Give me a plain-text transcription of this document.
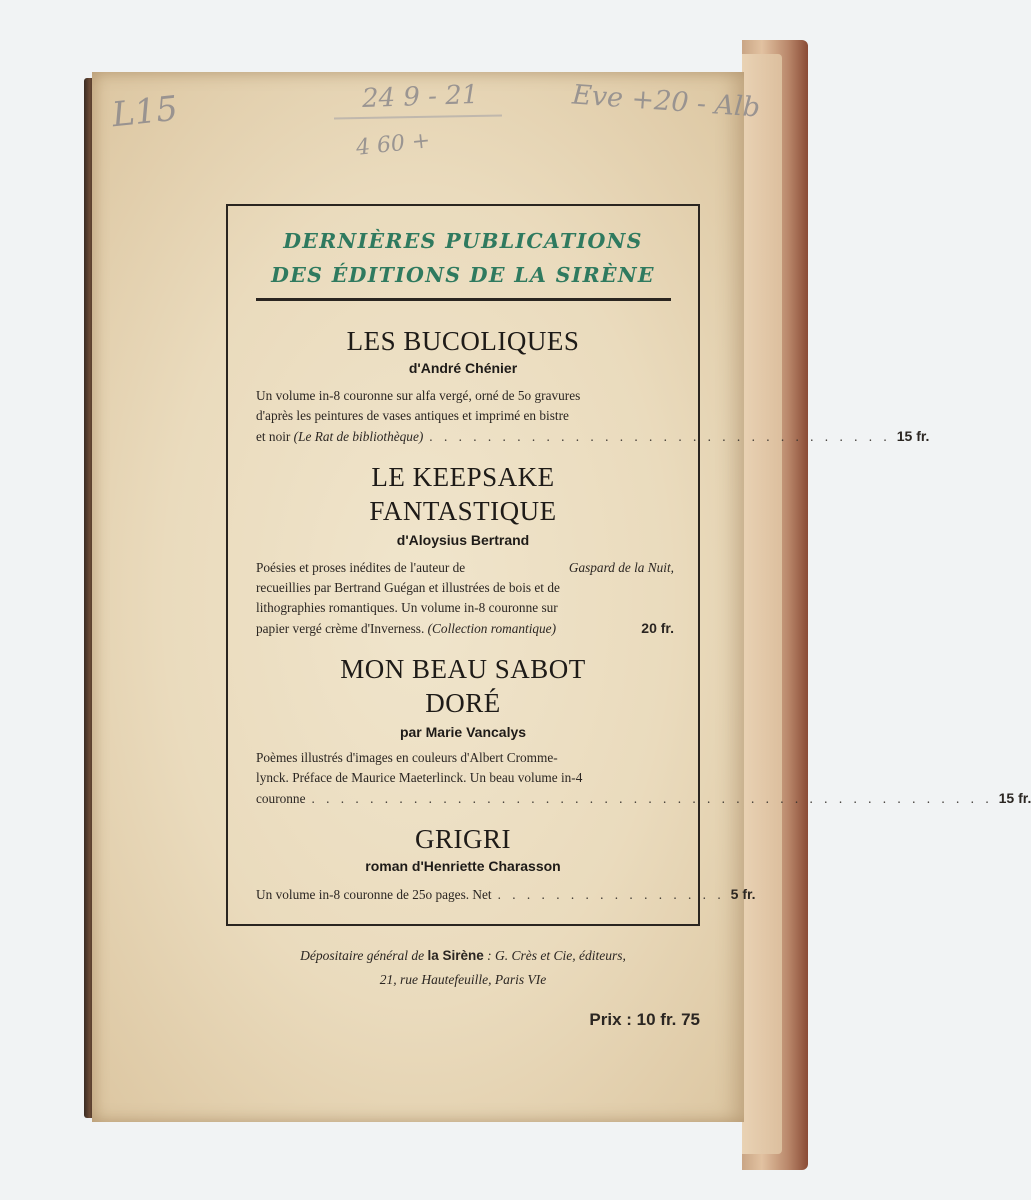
L15	24 9 - 21
4 60 +
Eve +20 - Alb
DERNIÈRES PUBLICATIONS
DES ÉDITIONS DE LA SIRÈNE
LES BUCOLIQUES
d'André Chénier
Un volume in-8 couronne sur alfa vergé, orné de 5o gravures
d'après les peintures de vases antiques et imprimé en bistre
et noir (Le Rat de bibliothèque) . . . . . . . . . . . . . . . . . . . . . . . . . . . . . . . . 15 fr.
LE KEEPSAKE
FANTASTIQUE
d'Aloysius Bertrand
Poésies et proses inédites de l'auteur de	Gaspard de la Nuit,
recueillies par Bertrand Guégan et illustrées de bois et de
lithographies romantiques. Un volume in-8 couronne sur
papier vergé crème d'Inverness. (Collection romantique)	20 fr.
MON BEAU SABOT
DORÉ
par Marie Vancalys
Poèmes illustrés d'images en couleurs d'Albert Cromme-
lynck. Préface de Maurice Maeterlinck. Un beau volume in-4
couronne . . . . . . . . . . . . . . . . . . . . . . . . . . . . . . . . . . . . . . . . . . . . . . . 15 fr.
GRIGRI
roman d'Henriette Charasson
Un volume in-8 couronne de 25o pages. Net . . . . . . . . . . . . . . . . 5 fr.
Dépositaire général de la Sirène : G. Crès et Cie, éditeurs,
21, rue Hautefeuille, Paris VIe
Prix : 10 fr. 75
